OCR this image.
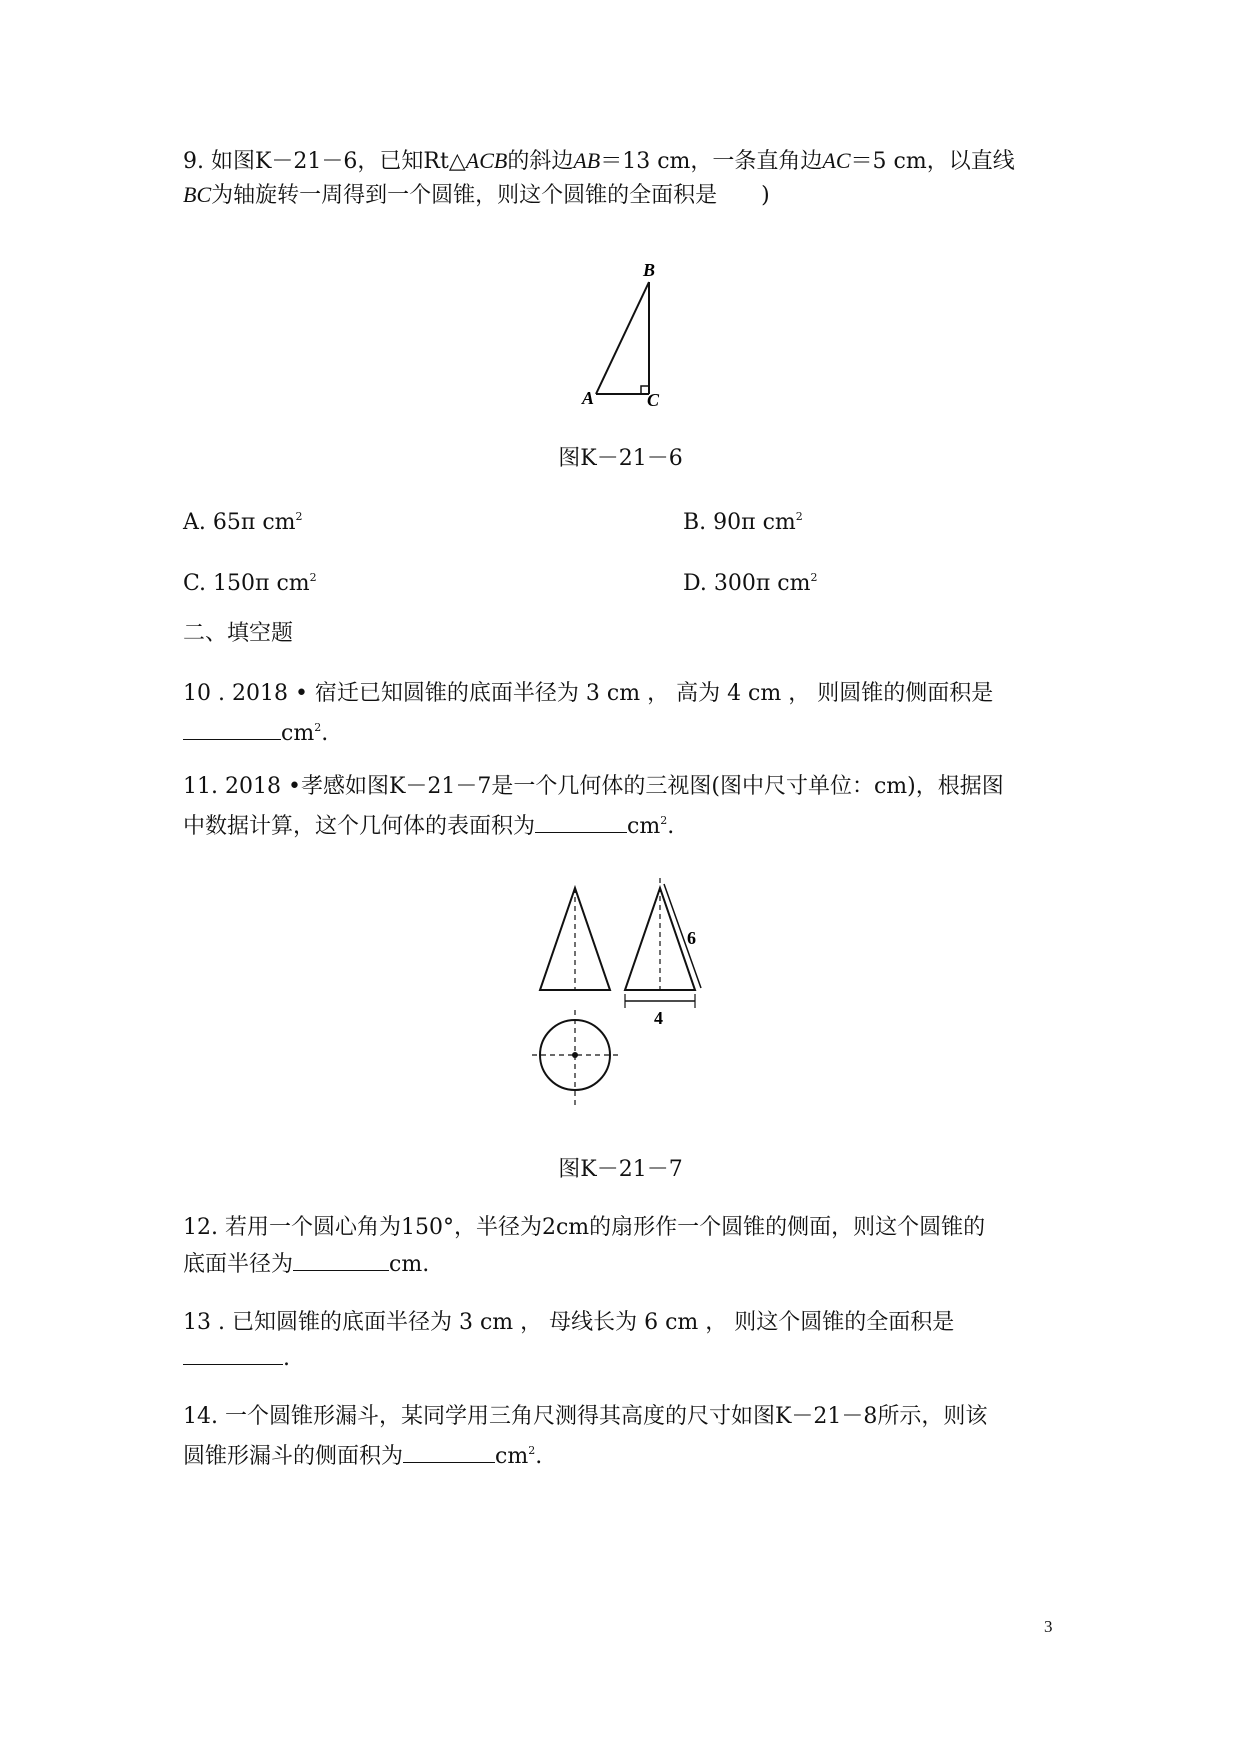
9. 如图K－21－6，已知Rt△ACB的斜边AB＝13 cm，一条直角边AC＝5 cm，以直线
BC为轴旋转一周得到一个圆锥，则这个圆锥的全面积是　　)
B
A	C
图K－21－6
A. 65π $cm^2$	B. 90π $cm^2$
C. 150π $cm^2$	D. 300π $cm^2$
二、填空题
10 . 2018 • 宿迁已知圆锥的底面半径为 3 cm ， 高为 4 cm ， 则圆锥的侧面积是
$cm^2$.
11. 2018 •孝感如图K－21－7是一个几何体的三视图(图中尺寸单位：cm)，根据图
中数据计算，这个几何体的表面积为	$cm^2$.
6
4
图K－21－7
12. 若用一个圆心角为150°，半径为2cm的扇形作一个圆锥的侧面，则这个圆锥的
底面半径为	cm.
13 . 已知圆锥的底面半径为 3 cm ， 母线长为 6 cm ， 则这个圆锥的全面积是
.
14. 一个圆锥形漏斗，某同学用三角尺测得其高度的尺寸如图K－21－8所示，则该
圆锥形漏斗的侧面积为	$cm^2$.
3
